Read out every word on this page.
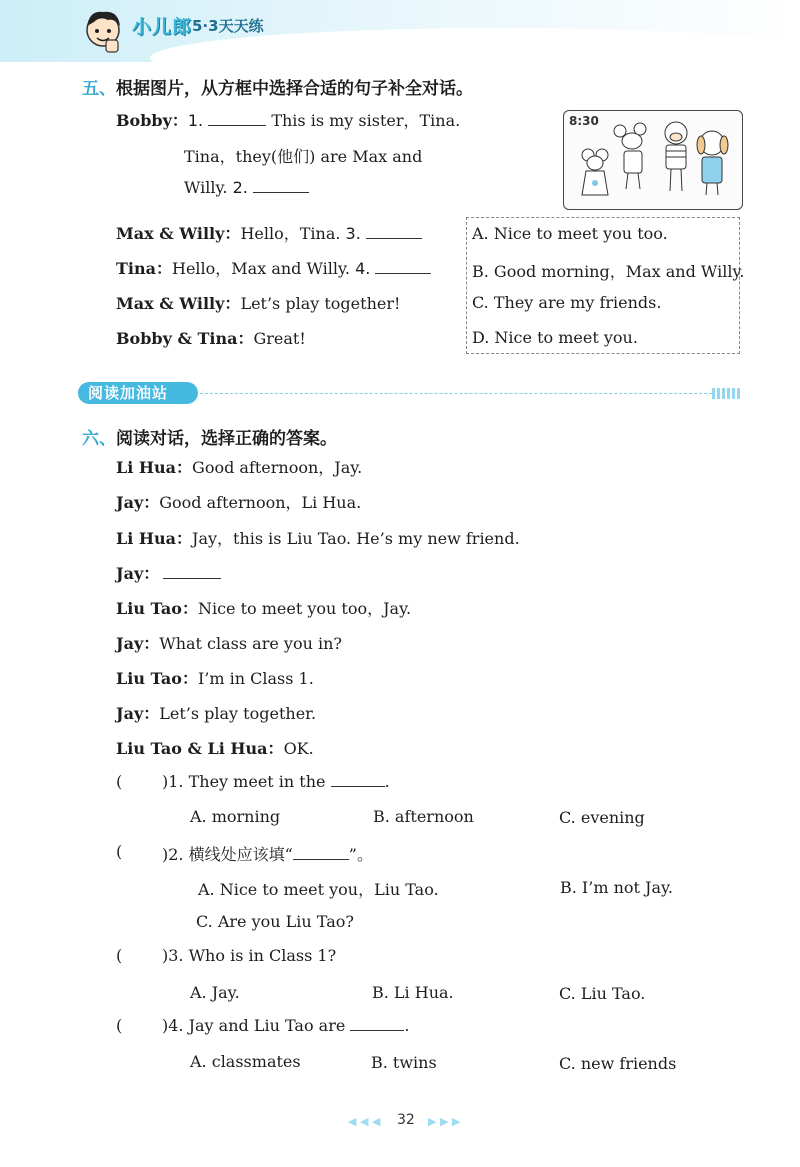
小儿郎 5·3天天练
五、根据图片，从方框中选择合适的句子补全对话。
Bobby：1.	This is my sister，Tina.
Tina，they(他们) are Max and
Willy. 2.
Max & Willy：Hello，Tina. 3.
Tina：Hello，Max and Willy. 4.
Max & Willy：Let’s play together!
Bobby & Tina：Great!
8:30
A. Nice to meet you too.
B. Good morning，Max and Willy.
C. They are my friends.
D. Nice to meet you.
阅读加油站
六、阅读对话，选择正确的答案。
Li Hua：Good afternoon，Jay.
Jay：Good afternoon，Li Hua.
Li Hua：Jay，this is Liu Tao. He’s my new friend.
Jay：
Liu Tao：Nice to meet you too，Jay.
Jay：What class are you in?
Liu Tao：I’m in Class 1.
Jay：Let’s play together.
Liu Tao & Li Hua：OK.
( )1. They meet in the	.
A. morning	B. afternoon	C. evening
( )2. 横线处应该填“	”。
A. Nice to meet you，Liu Tao.	B. I’m not Jay.
C. Are you Liu Tao?
( )3. Who is in Class 1?
A. Jay.	B. Li Hua.	C. Liu Tao.
( )4. Jay and Liu Tao are	.
A. classmates	B. twins	C. new friends
◀ ◀ ◀ 32 ▶ ▶ ▶
